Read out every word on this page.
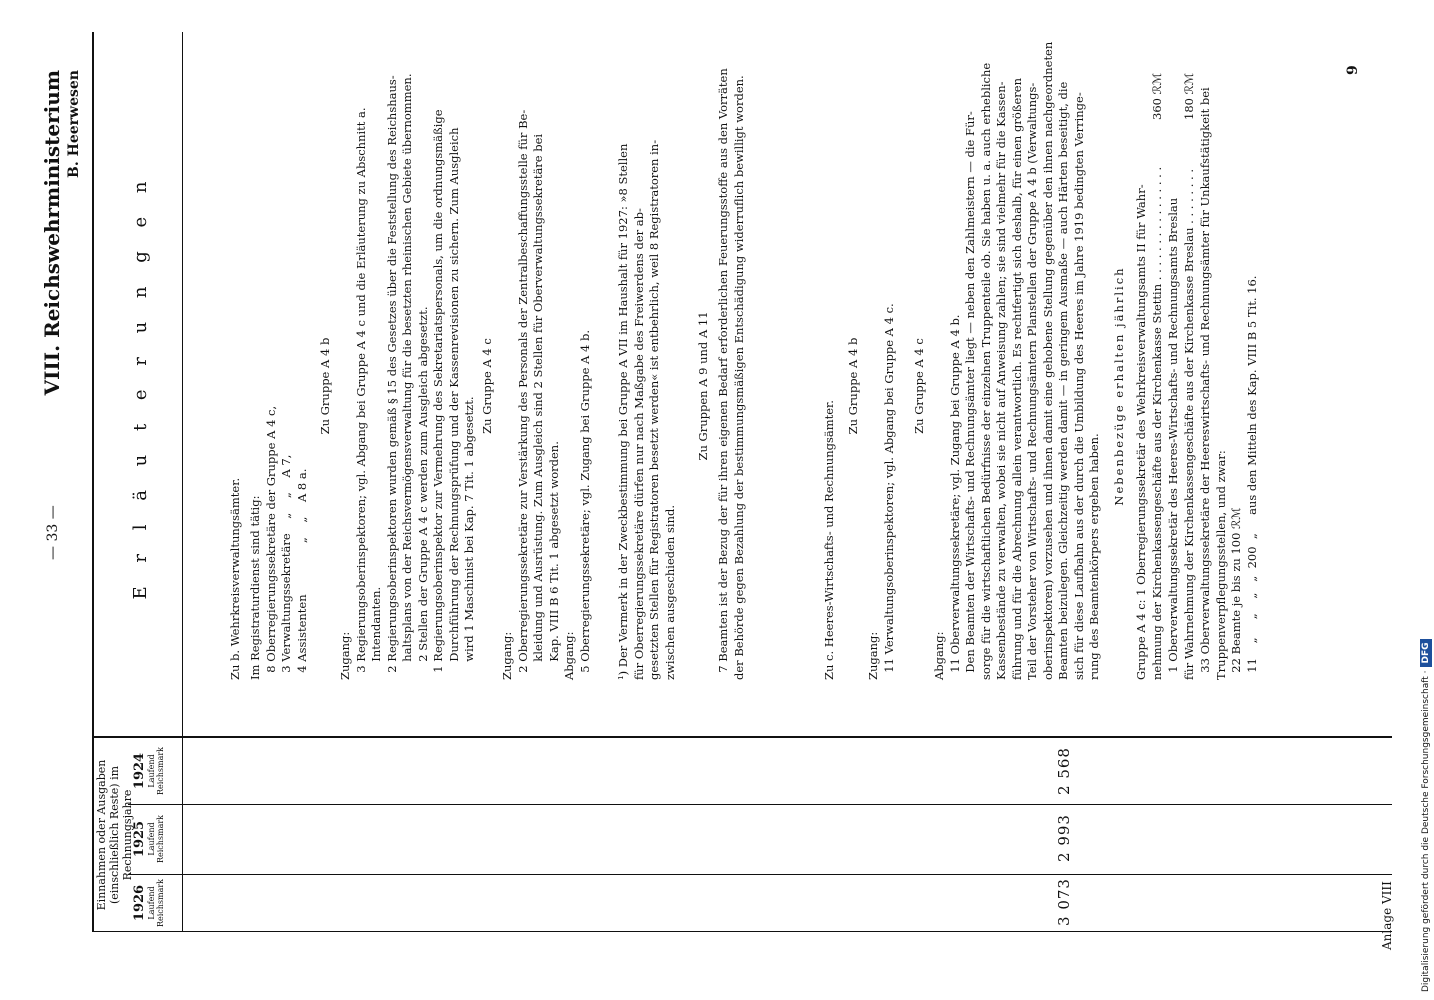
— 33 —
VIII. Reichswehrministerium B. Heerwesen
Einnahmen oder Ausgaben (einschließlich Reste) im Rechnungsjahre
1926 Laufend Reichsmark
1925 Laufend Reichsmark
1924 Laufend Reichsmark
3 073
2 993
2 568
E r l ä u t e r u n g e n	Zu b. Wehrkreisverwaltungsämter. Im Registraturdienst sind tätig:
8 Oberregierungssekretäre der Gruppe A 4 c,
3 Verwaltungssekretäre    „    „    A 7,
4 Assistenten              „    „    A 8 a.
Zu Gruppe A 4 b
Zugang:
3 Regierungsoberinspektoren; vgl. Abgang bei Gruppe A 4 c und die Erläuterung zu Abschnitt a.
Intendanten.
2 Regierungsoberinspektoren wurden gemäß § 15 des Gesetzes über die Feststellung des Reichshaus-
haltsplans von der Reichsvermögensverwaltung für die besetzten rheinischen Gebiete übernommen.
2 Stellen der Gruppe A 4 c werden zum Ausgleich abgesetzt.
1 Regierungsoberinspektor zur Vermehrung des Sekretariatspersonals, um die ordnungsmäßige
Durchführung der Rechnungsprüfung und der Kassenrevisionen zu sichern. Zum Ausgleich
wird 1 Maschinist bei Kap. 7 Tit. 1 abgesetzt. Zu Gruppe A 4 c
Zugang:
2 Oberregierungssekretäre zur Verstärkung des Personals der Zentralbeschaffungsstelle für Be-
kleidung und Ausrüstung. Zum Ausgleich sind 2 Stellen für Oberverwaltungssekretäre bei
Kap. VIII B 6 Tit. 1 abgesetzt worden.
Abgang:
5 Oberregierungssekretäre; vgl. Zugang bei Gruppe A 4 b.
¹) Der Vermerk in der Zweckbestimmung bei Gruppe A VII im Haushalt für 1927: »8 Stellen
für Oberregierungssekretäre dürfen nur nach Maßgabe des Freiwerdens der ab-
gesetzten Stellen für Registratoren besetzt werden« ist entbehrlich, weil 8 Registratoren in-
zwischen ausgeschieden sind.
Zu Gruppen A 9 und A 11
7 Beamten ist der Bezug der für ihren eigenen Bedarf erforderlichen Feuerungsstoffe aus den Vorräten
der Behörde gegen Bezahlung der bestimmungsmäßigen Entschädigung widerruflich bewilligt worden.
Zu c. Heeres-Wirtschafts- und Rechnungsämter.
Zu Gruppe A 4 b
Zugang:
11 Verwaltungsoberinspektoren; vgl. Abgang bei Gruppe A 4 c.
Zu Gruppe A 4 c
Abgang:
11 Oberverwaltungssekretäre; vgl. Zugang bei Gruppe A 4 b.
Den Beamten der Wirtschafts- und Rechnungsämter liegt — neben den Zahlmeistern — die Für-
sorge für die wirtschaftlichen Bedürfnisse der einzelnen Truppenteile ob. Sie haben u. a. auch erhebliche
Kassenbestände zu verwalten, wobei sie nicht auf Anweisung zahlen; sie sind vielmehr für die Kassen-
führung und für die Abrechnung allein verantwortlich. Es rechtfertigt sich deshalb, für einen größeren
Teil der Vorsteher von Wirtschafts- und Rechnungsämtern Planstellen der Gruppe A 4 b (Verwaltungs-
oberinspektoren) vorzusehen und ihnen damit eine gehobene Stellung gegenüber den ihnen nachgeordneten
Beamten beizulegen. Gleichzeitig werden damit — in geringem Ausmaße — auch Härten beseitigt, die
sich für diese Laufbahn aus der durch die Umbildung des Heeres im Jahre 1919 bedingten Verringe-
rung des Beamtenkörpers ergeben haben. Nebenbezüge erhalten jährlich
Gruppe A 4 c: 1 Oberregierungssekretär des Wehrkreisverwaltungsamts II für Wahr-
nehmung der Kirchenkassengeschäfte aus der Kirchenkasse Stettin . . . . . . . . . . . . . . . .
360 ℛℳ
1 Oberverwaltungssekretär des Heeres-Wirtschafts- und Rechnungsamts Breslau
für Wahrnehmung der Kirchenkassengeschäfte aus der Kirchenkasse Breslau . . . . . . . .
180 ℛℳ
33 Oberverwaltungssekretäre der Heereswirtschafts- und Rechnungsämter für Unkaufstätigkeit bei
Truppenverpflegungsstellen, und zwar:
22 Beamte je bis zu 100 ℛℳ
11    „     „    „   „  200  „     aus den Mitteln des Kap. VIII B 5 Tit. 16.
Anlage VIII
9
Digitalisierung gefördert durch die Deutsche Forschungsgemeinschaft ·DFG
